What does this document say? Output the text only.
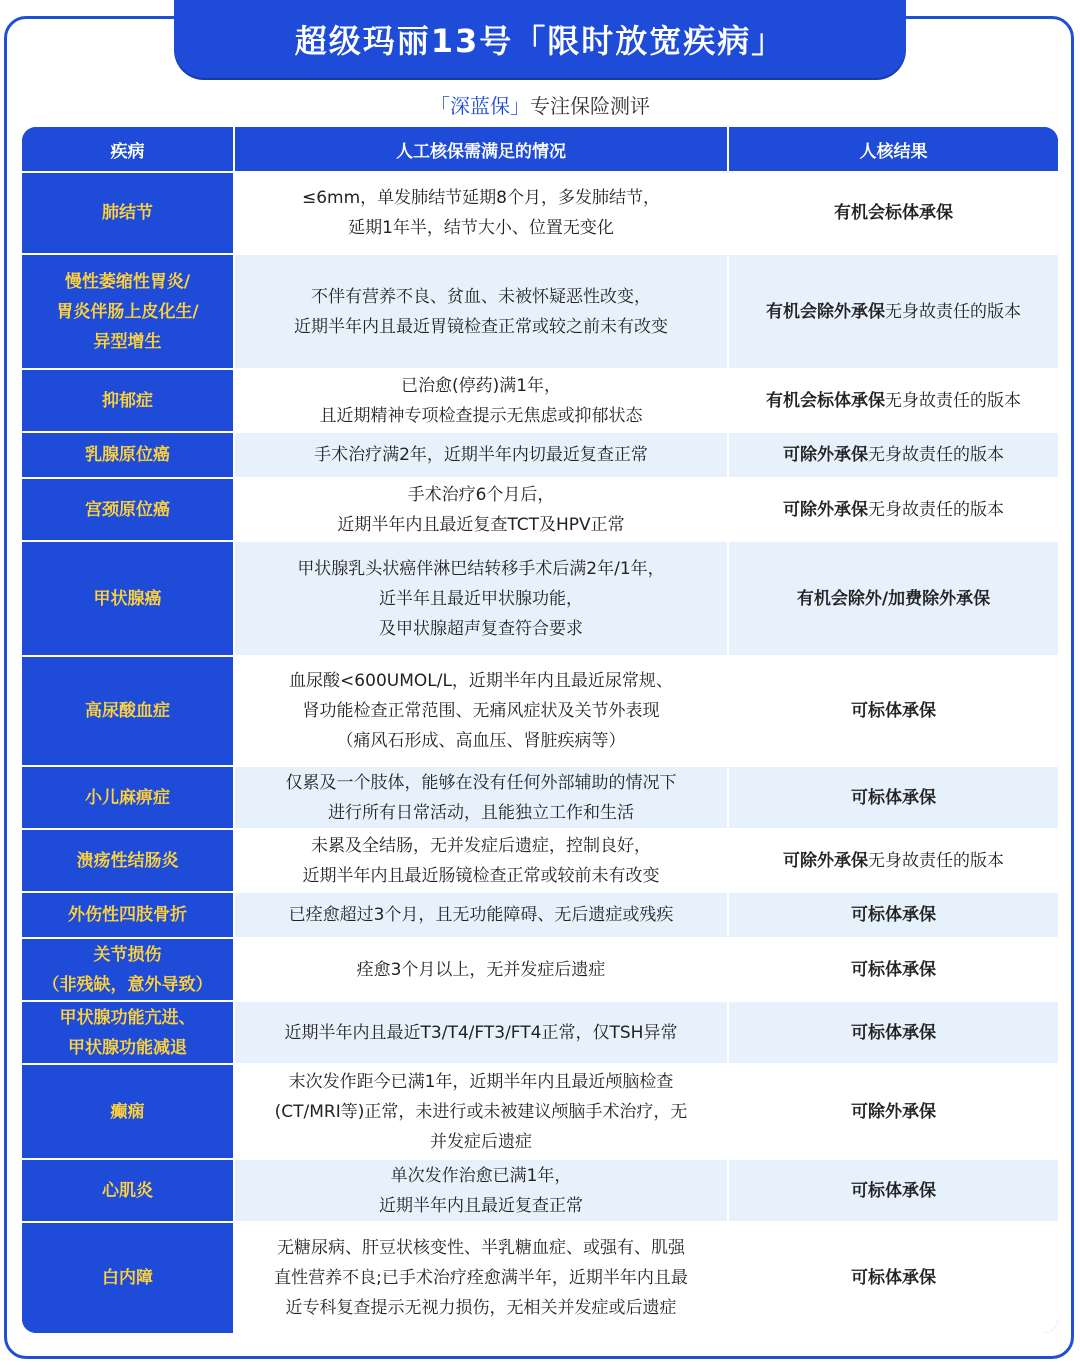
超级玛丽13号「限时放宽疾病」
「深蓝保」专注保险测评
疾病	人工核保需满足的情况	人核结果
肺结节	≤6mm，单发肺结节延期8个月，多发肺结节，
延期1年半，结节大小、位置无变化	有机会标体承保
慢性萎缩性胃炎/
胃炎伴肠上皮化生/
异型增生	不伴有营养不良、贫血、未被怀疑恶性改变，
近期半年内且最近胃镜检查正常或较之前未有改变	有机会除外承保无身故责任的版本
抑郁症	已治愈(停药)满1年，
且近期精神专项检查提示无焦虑或抑郁状态	有机会标体承保无身故责任的版本
乳腺原位癌	手术治疗满2年，近期半年内切最近复查正常	可除外承保无身故责任的版本
宫颈原位癌	手术治疗6个月后，
近期半年内且最近复查TCT及HPV正常	可除外承保无身故责任的版本
甲状腺癌	甲状腺乳头状癌伴淋巴结转移手术后满2年/1年，
近半年且最近甲状腺功能，
及甲状腺超声复查符合要求	有机会除外/加费除外承保
高尿酸血症	血尿酸<600UMOL/L，近期半年内且最近尿常规、
肾功能检查正常范围、无痛风症状及关节外表现
（痛风石形成、高血压、肾脏疾病等）	可标体承保
小儿麻痹症	仅累及一个肢体，能够在没有任何外部辅助的情况下
进行所有日常活动，且能独立工作和生活	可标体承保
溃疡性结肠炎	未累及全结肠，无并发症后遗症，控制良好，
近期半年内且最近肠镜检查正常或较前未有改变	可除外承保无身故责任的版本
外伤性四肢骨折	已痊愈超过3个月，且无功能障碍、无后遗症或残疾	可标体承保
关节损伤
（非残缺，意外导致）	痊愈3个月以上，无并发症后遗症	可标体承保
甲状腺功能亢进、
甲状腺功能减退	近期半年内且最近T3/T4/FT3/FT4正常，仅TSH异常	可标体承保
癫痫	末次发作距今已满1年，近期半年内且最近颅脑检查
(CT/MRI等)正常，未进行或未被建议颅脑手术治疗，无
并发症后遗症	可除外承保
心肌炎	单次发作治愈已满1年，
近期半年内且最近复查正常	可标体承保
白内障	无糖尿病、肝豆状核变性、半乳糖血症、或强有、肌强
直性营养不良;已手术治疗痊愈满半年，近期半年内且最
近专科复查提示无视力损伤，无相关并发症或后遗症	可标体承保
